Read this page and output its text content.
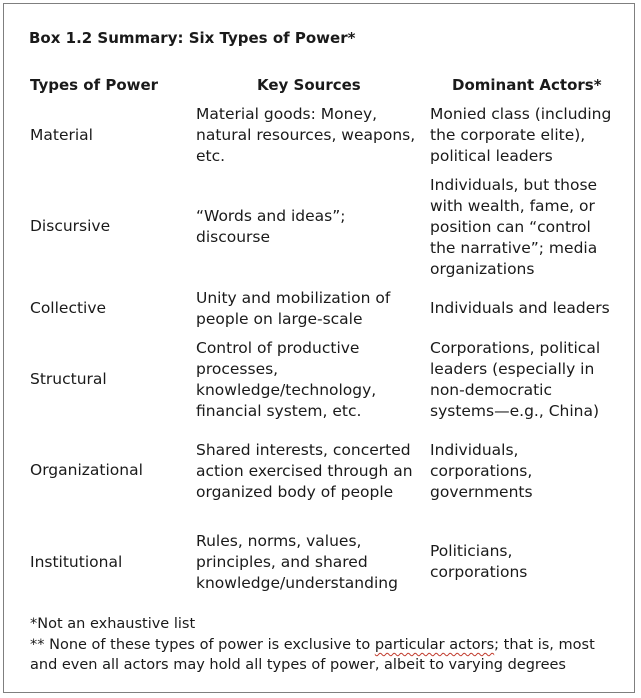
Box 1.2 Summary: Six Types of Power*
Types of Power	Key Sources	Dominant Actors*
Material
Material goods: Money,
natural resources, weapons,
etc.
Monied class (including
the corporate elite),
political leaders
Discursive
“Words and ideas”;
discourse
Individuals, but those
with wealth, fame, or
position can “control
the narrative”; media
organizations
Collective
Unity and mobilization of
people on large-scale
Individuals and leaders
Structural
Control of productive
processes,
knowledge/technology,
financial system, etc.
Corporations, political
leaders (especially in
non-democratic
systems—e.g., China)
Organizational
Shared interests, concerted
action exercised through an
organized body of people
Individuals,
corporations,
governments
Institutional
Rules, norms, values,
principles, and shared
knowledge/understanding
Politicians,
corporations
*Not an exhaustive list
** None of these types of power is exclusive to particular actors; that is, most
and even all actors may hold all types of power, albeit to varying degrees
